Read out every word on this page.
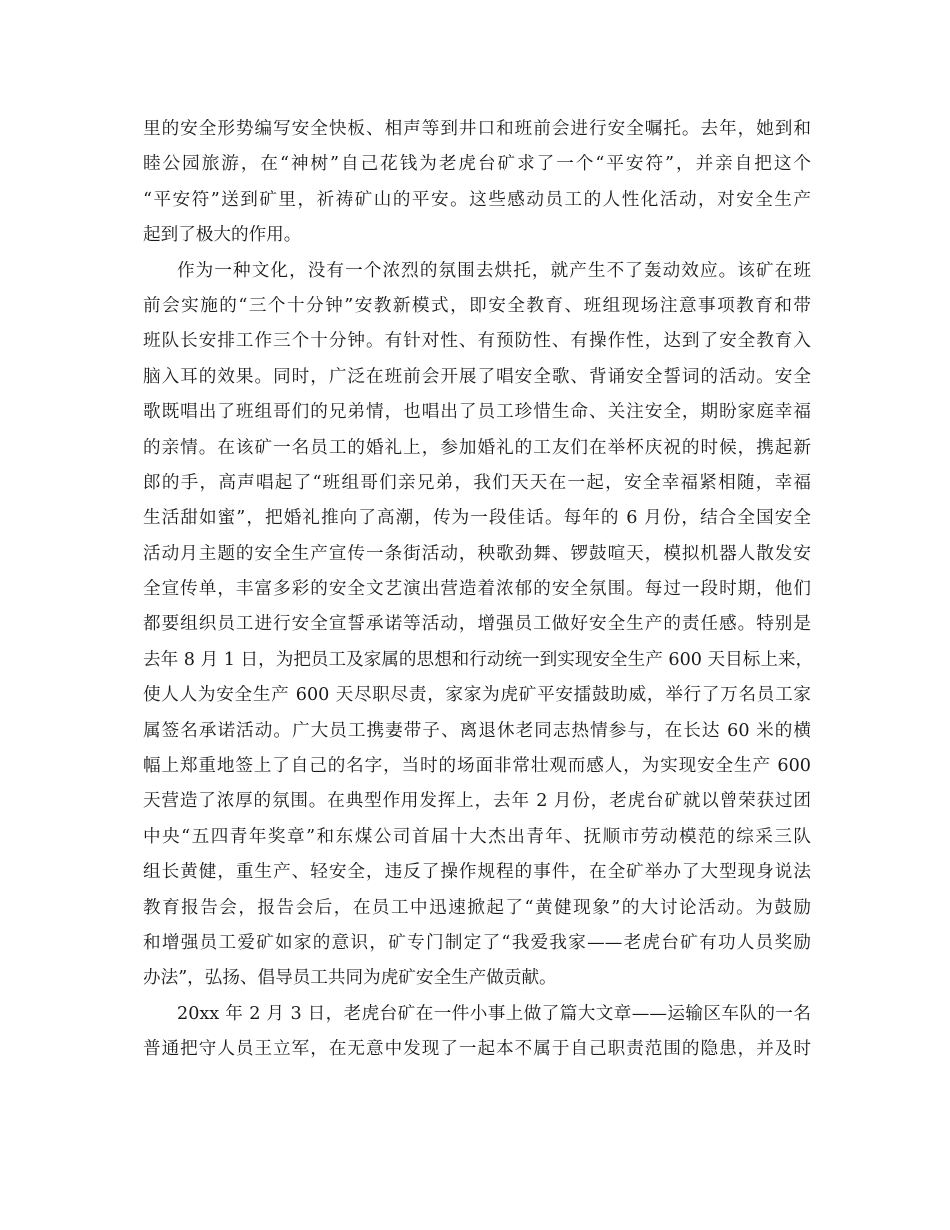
里的安全形势编写安全快板、相声等到井口和班前会进行安全嘱托。去年，她到和
睦公园旅游，在“神树”自己花钱为老虎台矿求了一个“平安符”，并亲自把这个
“平安符”送到矿里，祈祷矿山的平安。这些感动员工的人性化活动，对安全生产
起到了极大的作用。
作为一种文化，没有一个浓烈的氛围去烘托，就产生不了轰动效应。该矿在班
前会实施的“三个十分钟”安教新模式，即安全教育、班组现场注意事项教育和带
班队长安排工作三个十分钟。有针对性、有预防性、有操作性，达到了安全教育入
脑入耳的效果。同时，广泛在班前会开展了唱安全歌、背诵安全誓词的活动。安全
歌既唱出了班组哥们的兄弟情，也唱出了员工珍惜生命、关注安全，期盼家庭幸福
的亲情。在该矿一名员工的婚礼上，参加婚礼的工友们在举杯庆祝的时候，携起新
郎的手，高声唱起了“班组哥们亲兄弟，我们天天在一起，安全幸福紧相随，幸福
生活甜如蜜”，把婚礼推向了高潮，传为一段佳话。每年的 6 月份，结合全国安全
活动月主题的安全生产宣传一条街活动，秧歌劲舞、锣鼓喧天，模拟机器人散发安
全宣传单，丰富多彩的安全文艺演出营造着浓郁的安全氛围。每过一段时期，他们
都要组织员工进行安全宣誓承诺等活动，增强员工做好安全生产的责任感。特别是
去年 8 月 1 日，为把员工及家属的思想和行动统一到实现安全生产 600 天目标上来，
使人人为安全生产 600 天尽职尽责，家家为虎矿平安擂鼓助威，举行了万名员工家
属签名承诺活动。广大员工携妻带子、离退休老同志热情参与，在长达 60 米的横
幅上郑重地签上了自己的名字，当时的场面非常壮观而感人，为实现安全生产 600
天营造了浓厚的氛围。在典型作用发挥上，去年 2 月份，老虎台矿就以曾荣获过团
中央“五四青年奖章”和东煤公司首届十大杰出青年、抚顺市劳动模范的综采三队
组长黄健，重生产、轻安全，违反了操作规程的事件，在全矿举办了大型现身说法
教育报告会，报告会后，在员工中迅速掀起了“黄健现象”的大讨论活动。为鼓励
和增强员工爱矿如家的意识，矿专门制定了“我爱我家——老虎台矿有功人员奖励
办法”，弘扬、倡导员工共同为虎矿安全生产做贡献。
20xx 年 2 月 3 日，老虎台矿在一件小事上做了篇大文章——运输区车队的一名
普通把守人员王立军，在无意中发现了一起本不属于自己职责范围的隐患，并及时
